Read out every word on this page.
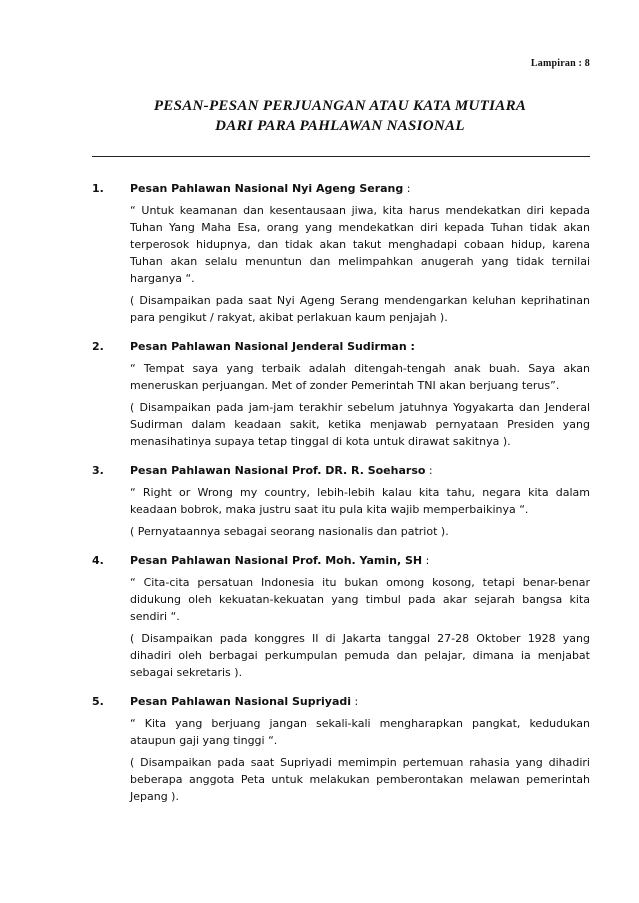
Lampiran : 8
PESAN-PESAN PERJUANGAN ATAU KATA MUTIARA
DARI PARA PAHLAWAN NASIONAL
1. Pesan Pahlawan Nasional Nyi Ageng Serang :

“ Untuk keamanan dan kesentausaan jiwa, kita harus mendekatkan diri kepada Tuhan Yang Maha Esa, orang yang mendekatkan diri kepada Tuhan tidak akan terperosok hidupnya, dan tidak akan takut menghadapi cobaan hidup, karena Tuhan akan selalu menuntun dan melimpahkan anugerah yang tidak ternilai harganya “.

( Disampaikan pada saat Nyi Ageng Serang mendengarkan keluhan keprihatinan para pengikut / rakyat, akibat perlakuan kaum penjajah ).

2. Pesan Pahlawan Nasional Jenderal Sudirman :

“ Tempat saya yang terbaik adalah ditengah-tengah anak buah. Saya akan meneruskan perjuangan. Met of zonder Pemerintah TNI akan berjuang terus”.

( Disampaikan pada jam-jam terakhir sebelum jatuhnya Yogyakarta dan Jenderal Sudirman dalam keadaan sakit, ketika menjawab pernyataan Presiden yang menasihatinya supaya tetap tinggal di kota untuk dirawat sakitnya ).

3. Pesan Pahlawan Nasional Prof. DR. R. Soeharso :

“ Right or Wrong my country, lebih-lebih kalau kita tahu, negara kita dalam keadaan bobrok, maka justru saat itu pula kita wajib memperbaikinya “.

( Pernyataannya sebagai seorang nasionalis dan patriot ).

4. Pesan Pahlawan Nasional Prof. Moh. Yamin, SH :

“ Cita-cita persatuan Indonesia itu bukan omong kosong, tetapi benar-benar didukung oleh kekuatan-kekuatan yang timbul pada akar sejarah bangsa kita sendiri “.

( Disampaikan pada konggres II di Jakarta tanggal 27-28 Oktober 1928 yang dihadiri oleh berbagai perkumpulan pemuda dan pelajar, dimana ia menjabat sebagai sekretaris ).

5. Pesan Pahlawan Nasional Supriyadi :

“ Kita yang berjuang jangan sekali-kali mengharapkan pangkat, kedudukan ataupun gaji yang tinggi “.

( Disampaikan pada saat Supriyadi memimpin pertemuan rahasia yang dihadiri beberapa anggota Peta untuk melakukan pemberontakan melawan pemerintah Jepang ).
